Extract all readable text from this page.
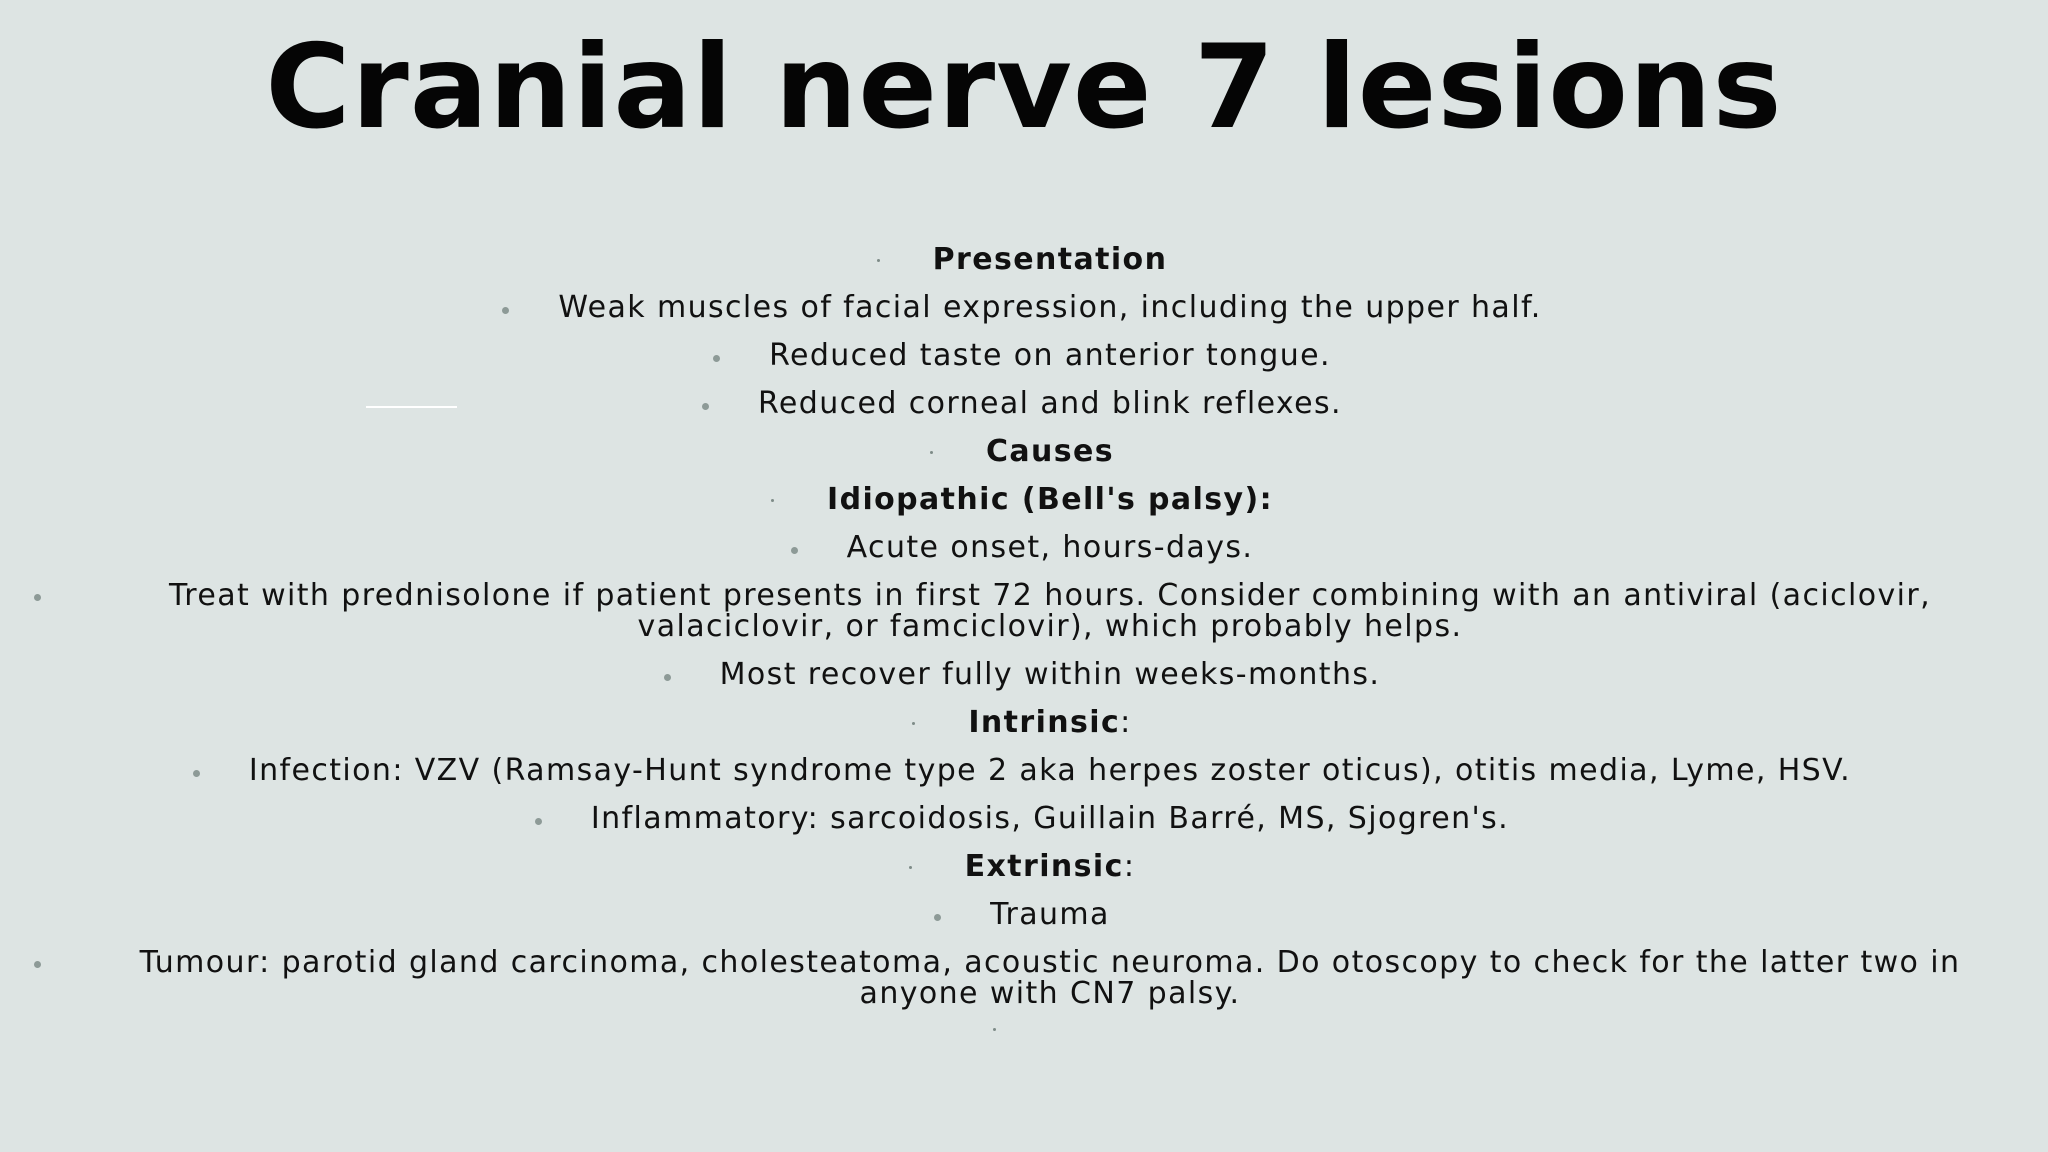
Cranial nerve 7 lesions
Presentation
Weak muscles of facial expression, including the upper half.
Reduced taste on anterior tongue.
Reduced corneal and blink reflexes.
Causes
Idiopathic (Bell's palsy):
Acute onset, hours-days.
Treat with prednisolone if patient presents in first 72 hours. Consider combining with an antiviral (aciclovir, valaciclovir, or famciclovir), which probably helps.
Most recover fully within weeks-months.
Intrinsic:
Infection: VZV (Ramsay-Hunt syndrome type 2 aka herpes zoster oticus), otitis media, Lyme, HSV.
Inflammatory: sarcoidosis, Guillain Barré, MS, Sjogren's.
Extrinsic:
Trauma
Tumour: parotid gland carcinoma, cholesteatoma, acoustic neuroma. Do otoscopy to check for the latter two in anyone with CN7 palsy.
